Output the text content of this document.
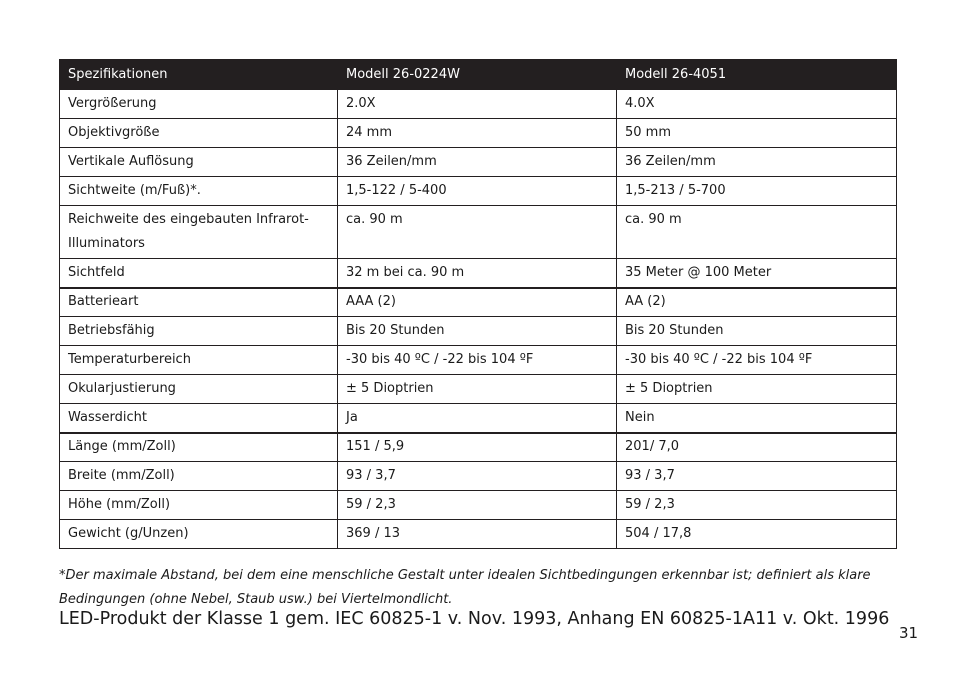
Spezifikationen	Modell 26-0224W	Modell 26-4051
Vergrößerung	2.0X	4.0X
Objektivgröße	24 mm	50 mm
Vertikale Auflösung	36 Zeilen/mm	36 Zeilen/mm
Sichtweite (m/Fuß)*.	1,5-122 / 5-400	1,5-213 / 5-700
Reichweite des eingebauten Infrarot-Illuminators	ca. 90 m	ca. 90 m
Sichtfeld	32 m bei ca. 90 m	35 Meter @ 100 Meter
Batterieart	AAA (2)	AA (2)
Betriebsfähig	Bis 20 Stunden	Bis 20 Stunden
Temperaturbereich	-30 bis 40 ºC / -22 bis 104 ºF	-30 bis 40 ºC / -22 bis 104 ºF
Okularjustierung	± 5 Dioptrien	± 5 Dioptrien
Wasserdicht	Ja	Nein
Länge (mm/Zoll)	151 / 5,9	201/ 7,0
Breite (mm/Zoll)	93 / 3,7	93 / 3,7
Höhe (mm/Zoll)	59 / 2,3	59 / 2,3
Gewicht (g/Unzen)	369 / 13	504 / 17,8
*Der maximale Abstand, bei dem eine menschliche Gestalt unter idealen Sichtbedingungen erkennbar ist; definiert als klare Bedingungen (ohne Nebel, Staub usw.) bei Viertelmondlicht.
LED-Produkt der Klasse 1 gem. IEC 60825-1 v. Nov. 1993, Anhang EN 60825-1A11 v. Okt. 1996
31
